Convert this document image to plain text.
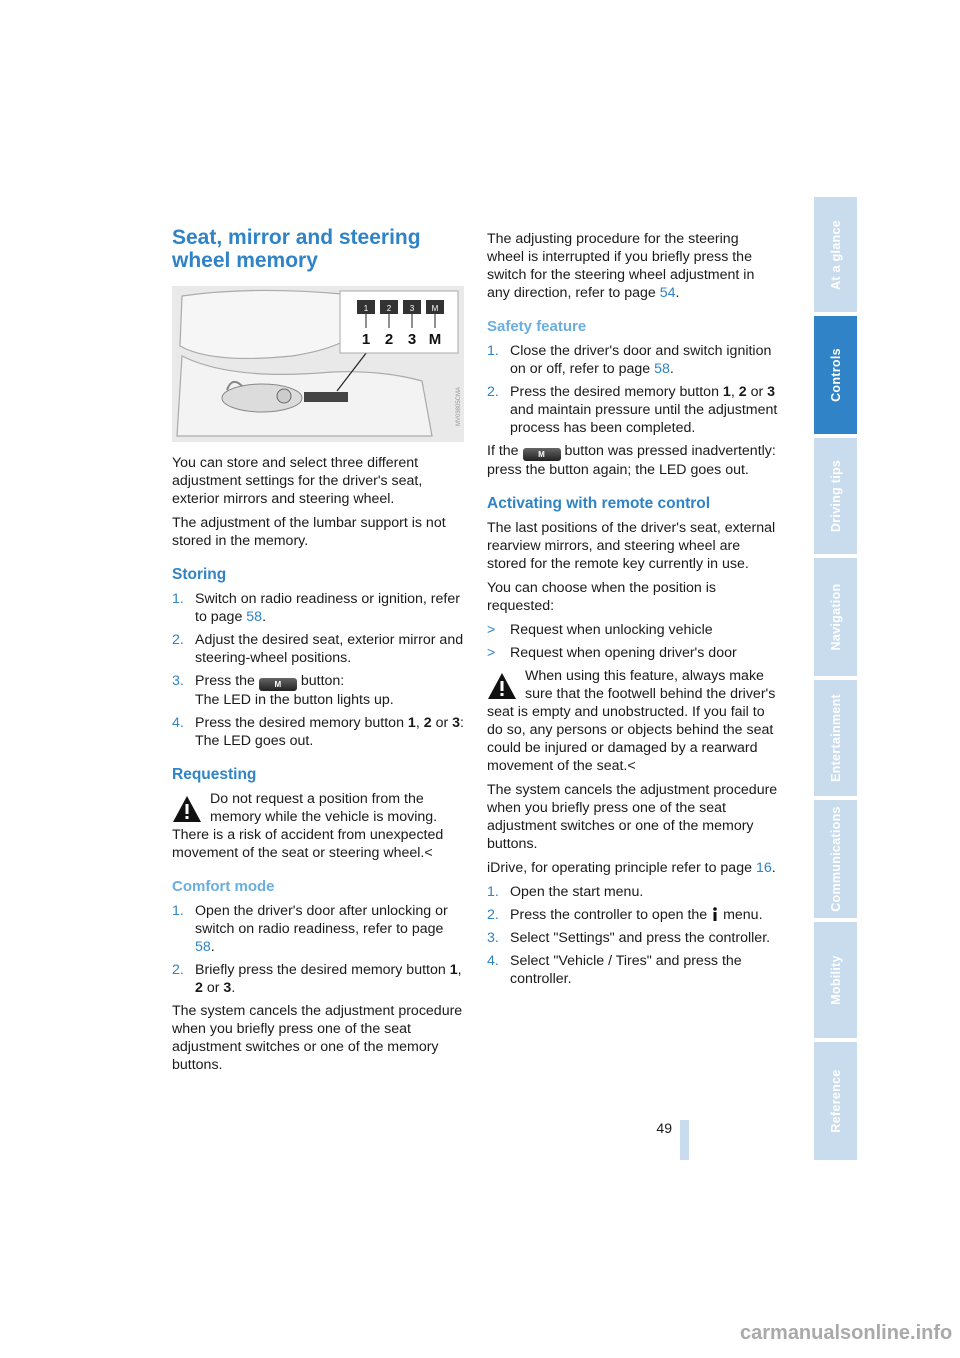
Seat, mirror and steering wheel memory
1 2 3 M
1 2 3 M
MV03805CMA

You can store and select three different adjustment settings for the driver's seat, exterior mirrors and steering wheel.

The adjustment of the lumbar support is not stored in the memory.

Storing
1. Switch on radio readiness or ignition, refer to page 58.
2. Adjust the desired seat, exterior mirror and steering-wheel positions.
3. Press the M button:
The LED in the button lights up.
4. Press the desired memory button 1, 2 or 3:
The LED goes out.
Requesting
Do not request a position from the memory while the vehicle is moving. There is a risk of accident from unexpected movement of the seat or steering wheel.<
Comfort mode
1. Open the driver's door after unlocking or switch on radio readiness, refer to page 58.
2. Briefly press the desired memory button 1,
2 or 3.

The system cancels the adjustment procedure when you briefly press one of the seat adjustment switches or one of the memory buttons.

The adjusting procedure for the steering wheel is interrupted if you briefly press the switch for the steering wheel adjustment in any direction, refer to page 54.

Safety feature
1. Close the driver's door and switch ignition on or off, refer to page 58.
2. Press the desired memory button 1, 2 or 3 and maintain pressure until the adjustment process has been completed.

If the M button was pressed inadvertently: press the button again; the LED goes out.

Activating with remote control

The last positions of the driver's seat, external rearview mirrors, and steering wheel are stored for the remote key currently in use.

You can choose when the position is requested:

> Request when unlocking vehicle
> Request when opening driver's door
When using this feature, always make sure that the footwell behind the driver's seat is empty and unobstructed. If you fail to do so, any persons or objects behind the seat could be injured or damaged by a rearward movement of the seat.<

The system cancels the adjustment procedure when you briefly press one of the seat adjustment switches or one of the memory buttons.

iDrive, for operating principle refer to page 16.

1. Open the start menu.
2. Press the controller to open the menu.
3. Select "Settings" and press the controller.
4. Select "Vehicle / Tires" and press the controller.
At a glance
Controls
Driving tips
Navigation
Entertainment
Communications
Mobility
Reference
49
carmanualsonline.info
